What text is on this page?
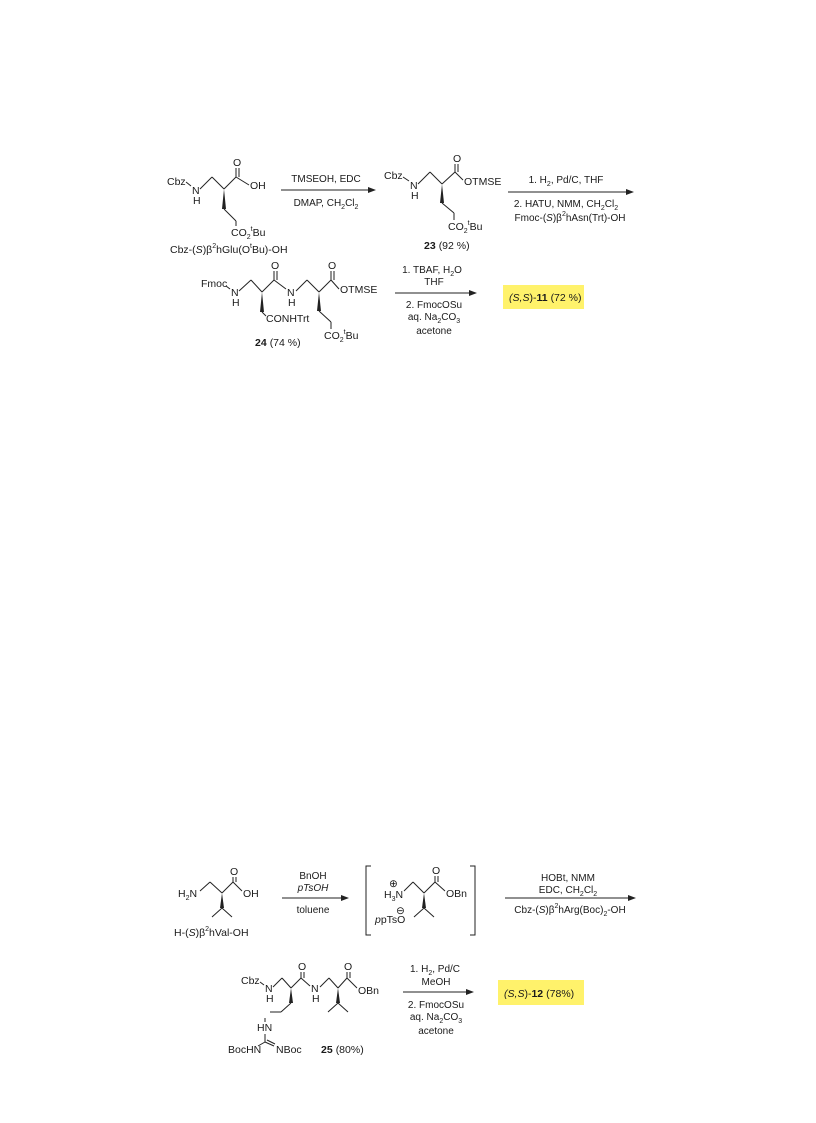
Cbz
N
H
O
OH
$CO_2^tBu$
Cbz-$(S)\beta^2hGlu(O^tBu)-OH$
TMSEOH, EDC
DMAP, $CH_2Cl_2$
Cbz
N
H
O
OTMSE
$CO_2^tBu$
23 (92 %)
1. $H_2$, Pd/C, THF
2. HATU, NMM, $CH_2Cl_2$
Fmoc-$(S)\beta^2hAsn(Trt)-OH$
Fmoc
N
H
O
N
H
O
OTMSE
CONHTrt
$CO_2^tBu$
24 (74 %)
1. TBAF, $H_2O$
THF
2. FmocOSu
aq. $Na_2CO_3$
acetone
(S,S)-11 (72 %)
$H_2N$
O
OH
$H-(S)\beta^2hVal-OH$
BnOH
pTsOH
toluene
⊕
$H_3N$
O
OBn
ppTsO
⊖
HOBt, NMM
EDC, $CH_2Cl_2$
Cbz-$(S)\beta^2hArg(Boc)_2-OH$
Cbz
N
H
O
N
H
O
OBn
HN
BocHN NBoc 25 (80%)
1. $H_2$, Pd/C
MeOH
2. FmocOSu
aq. $Na_2CO_3$
acetone
(S,S)-12 (78%)
